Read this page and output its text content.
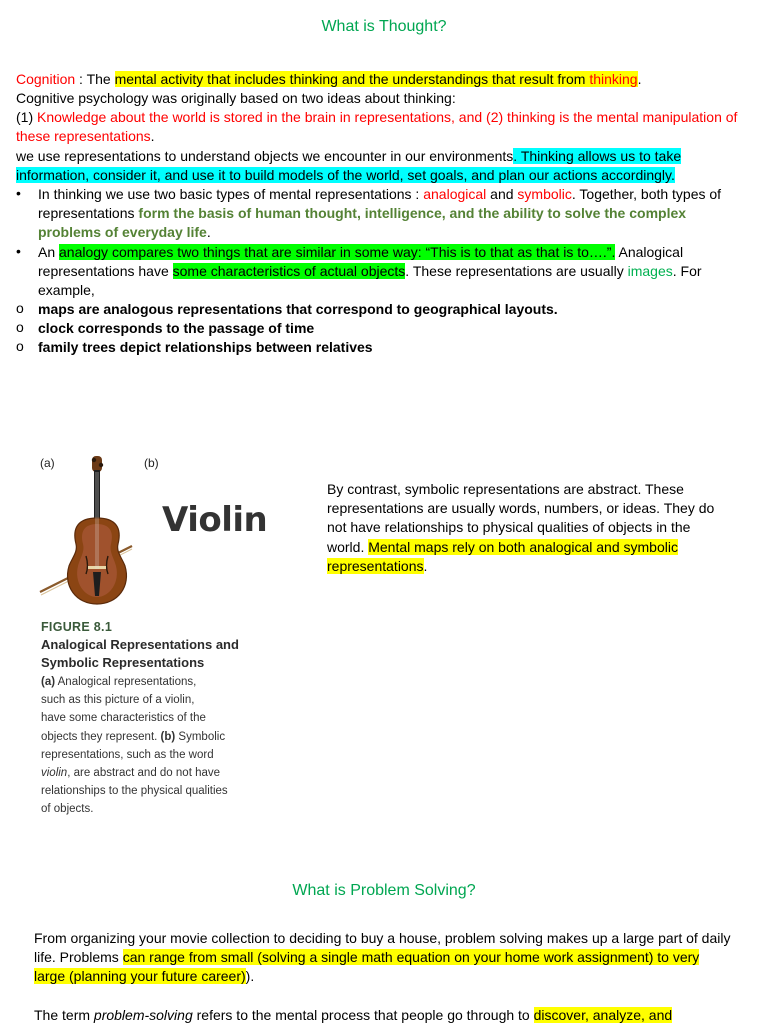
What is Thought?
Cognition : The mental activity that includes thinking and the understandings that result from thinking.
Cognitive psychology was originally based on two ideas about thinking:
(1) Knowledge about the world is stored in the brain in representations, and (2) thinking is the mental manipulation of these representations.
we use representations to understand objects we encounter in our environments. Thinking allows us to take information, consider it, and use it to build models of the world, set goals, and plan our actions accordingly.
•	In thinking we use two basic types of mental representations : analogical and symbolic. Together, both types of representations form the basis of human thought, intelligence, and the ability to solve the complex problems of everyday life.
•	An analogy compares two things that are similar in some way: “This is to that as that is to….”. Analogical representations have some characteristics of actual objects. These representations are usually images. For example,
o maps are analogous representations that correspond to geographical layouts.
o clock corresponds to the passage of time
o family trees depict relationships between relatives
(a)	(b)
Violin
FIGURE 8.1
Analogical Representations and
Symbolic Representations
(a) Analogical representations,
such as this picture of a violin,
have some characteristics of the
objects they represent. (b) Symbolic
representations, such as the word
violin, are abstract and do not have
relationships to the physical qualities
of objects.
By contrast, symbolic representations are abstract. These representations are usually words, numbers, or ideas. They do not have relationships to physical qualities of objects in the world. Mental maps rely on both analogical and symbolic representations.
What is Problem Solving?
From organizing your movie collection to deciding to buy a house, problem solving makes up a large part of daily life. Problems can range from small (solving a single math equation on your home work assignment) to very large (planning your future career)).
The term problem-solving refers to the mental process that people go through to discover, analyze, and
